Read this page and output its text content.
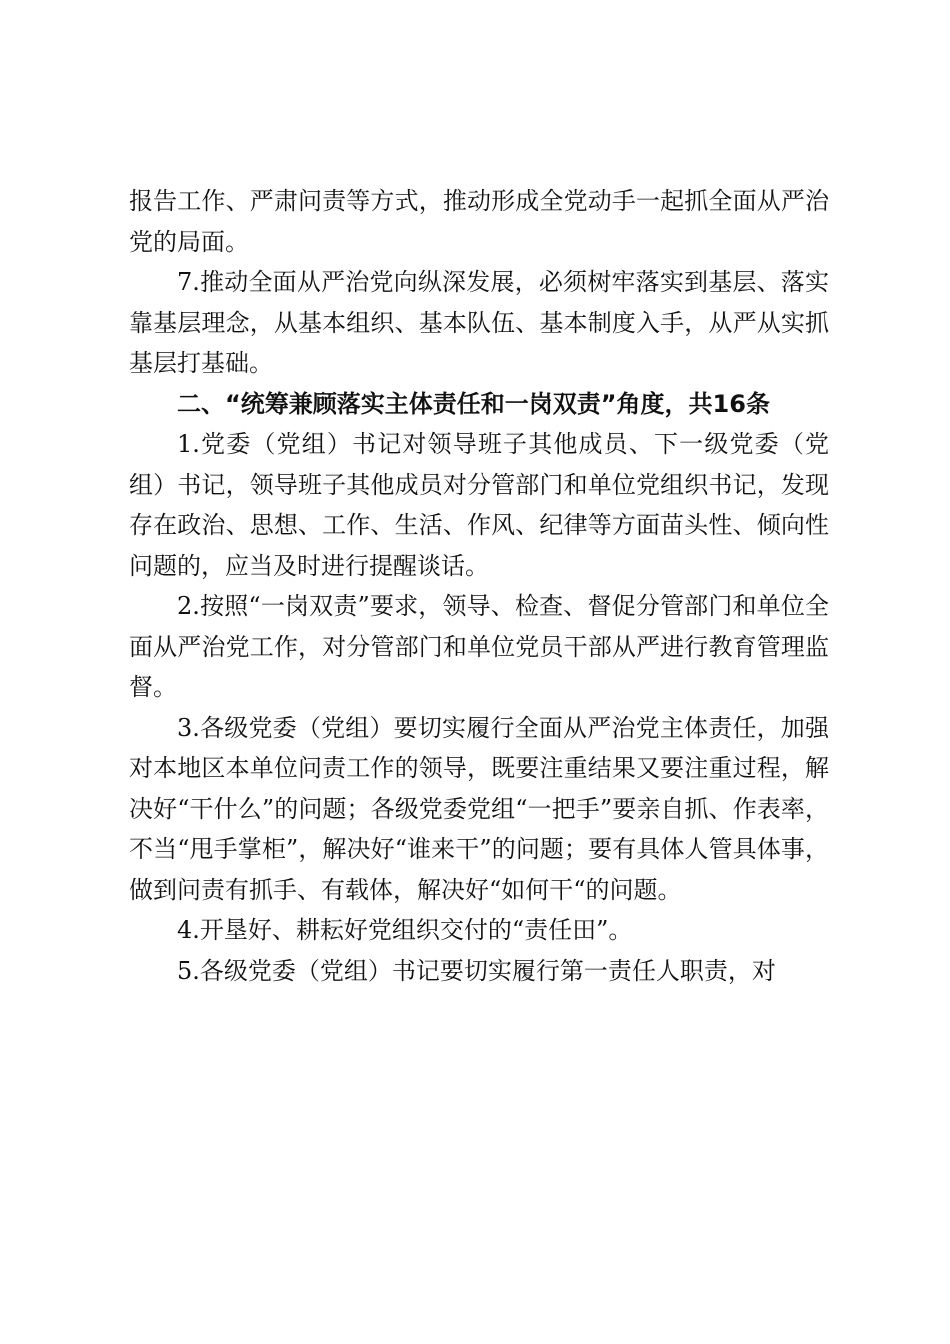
报告工作、严肃问责等方式，推动形成全党动手一起抓全面从严治党的局面。

7.推动全面从严治党向纵深发展，必须树牢落实到基层、落实靠基层理念，从基本组织、基本队伍、基本制度入手，从严从实抓基层打基础。

二、“统筹兼顾落实主体责任和一岗双责”角度，共16条

1.党委（党组）书记对领导班子其他成员、下一级党委（党组）书记，领导班子其他成员对分管部门和单位党组织书记，发现存在政治、思想、工作、生活、作风、纪律等方面苗头性、倾向性问题的，应当及时进行提醒谈话。

2.按照“一岗双责”要求，领导、检查、督促分管部门和单位全面从严治党工作，对分管部门和单位党员干部从严进行教育管理监督。

3.各级党委（党组）要切实履行全面从严治党主体责任，加强对本地区本单位问责工作的领导，既要注重结果又要注重过程，解决好“干什么”的问题；各级党委党组“一把手”要亲自抓、作表率，不当“甩手掌柜”，解决好“谁来干”的问题；要有具体人管具体事，做到问责有抓手、有载体，解决好“如何干“的问题。

4.开垦好、耕耘好党组织交付的“责任田”。

5.各级党委（党组）书记要切实履行第一责任人职责，对
